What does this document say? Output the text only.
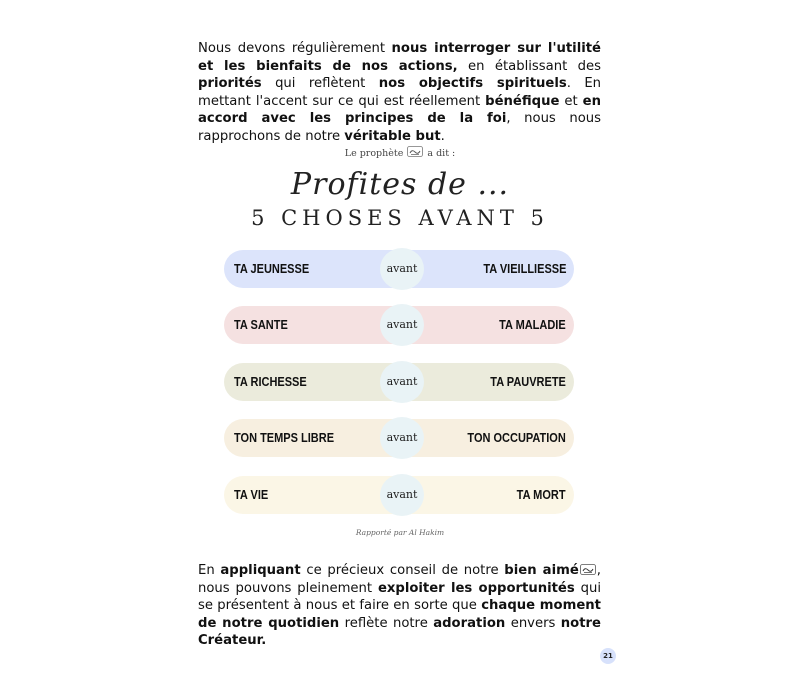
Nous devons régulièrement nous interroger sur l'utilité et les bienfaits de nos actions, en établissant des priorités qui reflètent nos objectifs spirituels. En mettant l'accent sur ce qui est réellement bénéfique et en accord avec les principes de la foi, nous nous rapprochons de notre véritable but.

Le prophète	a dit :
Profites de ...
5 CHOSES AVANT 5
TA JEUNESSE	avant	TA VIEILLIESSE
TA SANTE	avant	TA MALADIE
TA RICHESSE	avant	TA PAUVRETE
TON TEMPS LIBRE	avant	TON OCCUPATION
TA VIE	avant	TA MORT
Rapporté par Al Hakim

En appliquant ce précieux conseil de notre bien aimé , nous pouvons pleinement exploiter les opportunités qui se présentent à nous et faire en sorte que chaque moment de notre quotidien reflète notre adoration envers notre Créateur.

21
